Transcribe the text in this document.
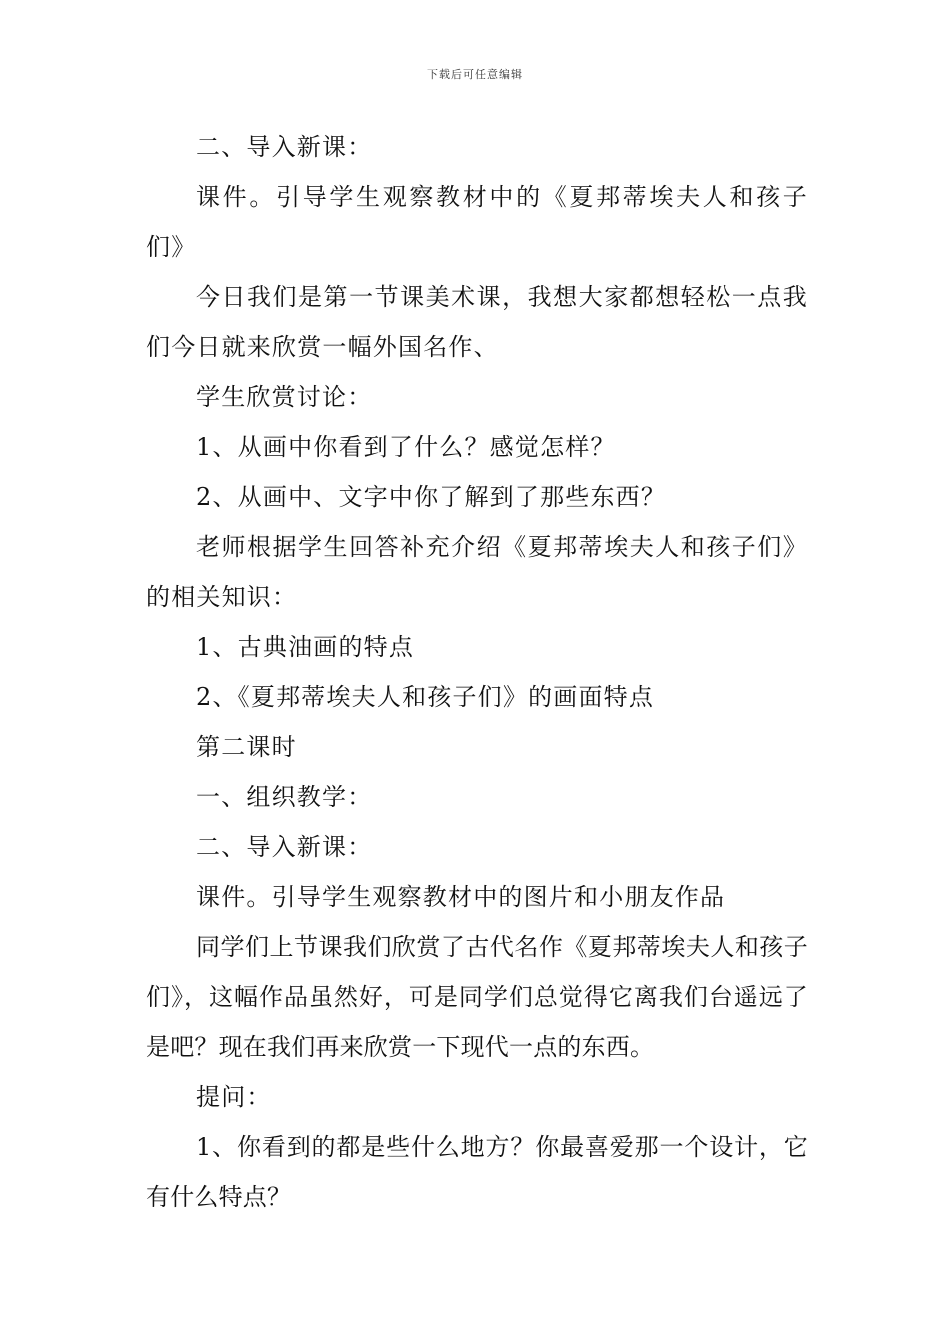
下载后可任意编辑

二、导入新课：

课件。引导学生观察教材中的《夏邦蒂埃夫人和孩子们》

今日我们是第一节课美术课，我想大家都想轻松一点我们今日就来欣赏一幅外国名作、

学生欣赏讨论：

1、从画中你看到了什么？感觉怎样？

2、从画中、文字中你了解到了那些东西？

老师根据学生回答补充介绍《夏邦蒂埃夫人和孩子们》的相关知识：

1、古典油画的特点

2、《夏邦蒂埃夫人和孩子们》的画面特点

第二课时

一、组织教学：

二、导入新课：

课件。引导学生观察教材中的图片和小朋友作品

同学们上节课我们欣赏了古代名作《夏邦蒂埃夫人和孩子们》，这幅作品虽然好，可是同学们总觉得它离我们台遥远了是吧？现在我们再来欣赏一下现代一点的东西。

提问：

1、你看到的都是些什么地方？你最喜爱那一个设计，它有什么特点？
